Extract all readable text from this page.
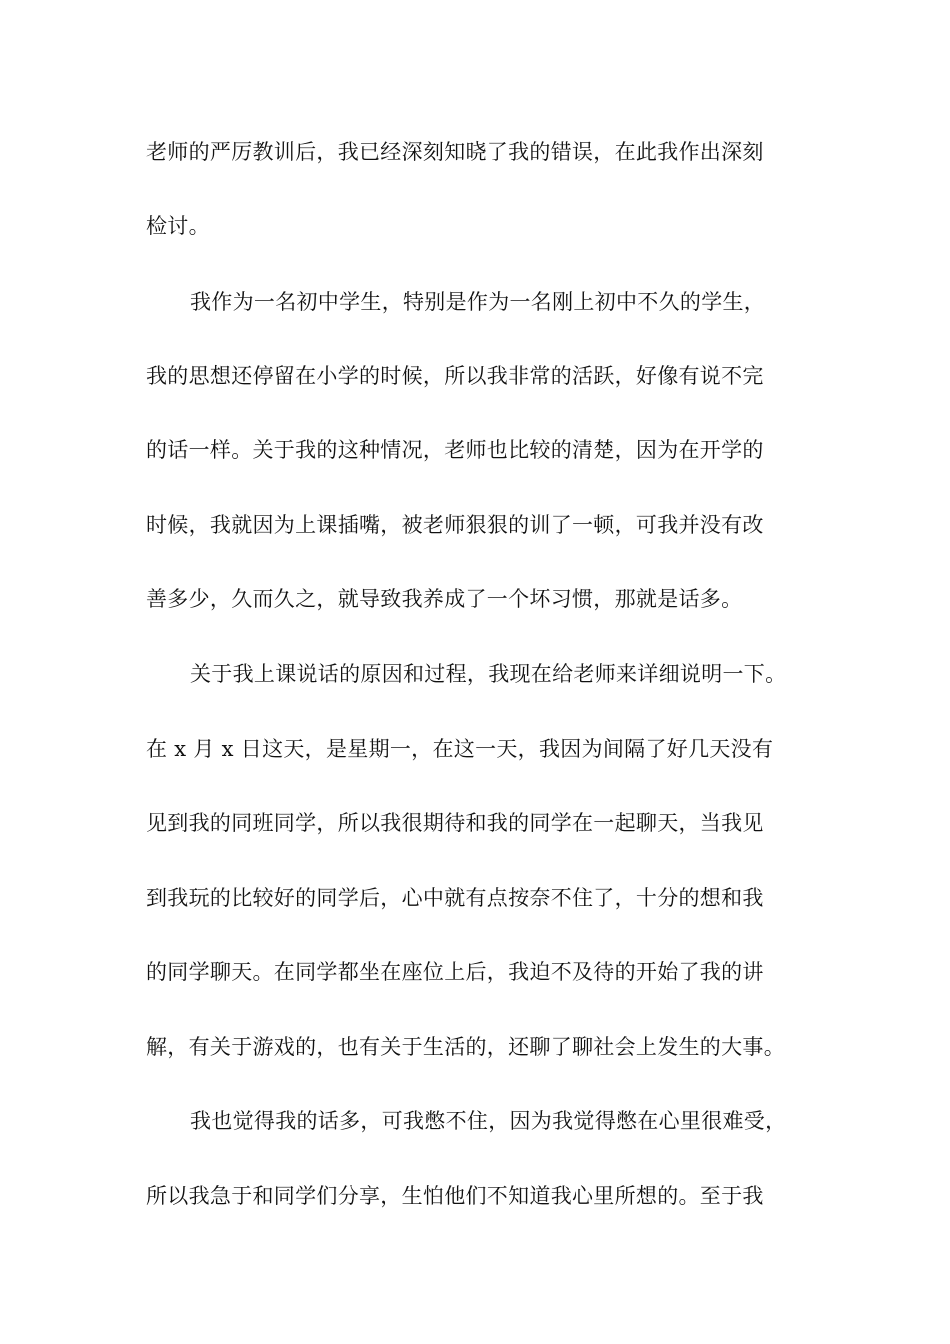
老师的严厉教训后，我已经深刻知晓了我的错误，在此我作出深刻
检讨。
我作为一名初中学生，特别是作为一名刚上初中不久的学生，
我的思想还停留在小学的时候，所以我非常的活跃，好像有说不完
的话一样。关于我的这种情况，老师也比较的清楚，因为在开学的
时候，我就因为上课插嘴，被老师狠狠的训了一顿，可我并没有改
善多少，久而久之，就导致我养成了一个坏习惯，那就是话多。
关于我上课说话的原因和过程，我现在给老师来详细说明一下。
在 x 月 x 日这天，是星期一，在这一天，我因为间隔了好几天没有
见到我的同班同学，所以我很期待和我的同学在一起聊天，当我见
到我玩的比较好的同学后，心中就有点按奈不住了，十分的想和我
的同学聊天。在同学都坐在座位上后，我迫不及待的开始了我的讲
解，有关于游戏的，也有关于生活的，还聊了聊社会上发生的大事。
我也觉得我的话多，可我憋不住，因为我觉得憋在心里很难受，
所以我急于和同学们分享，生怕他们不知道我心里所想的。至于我
